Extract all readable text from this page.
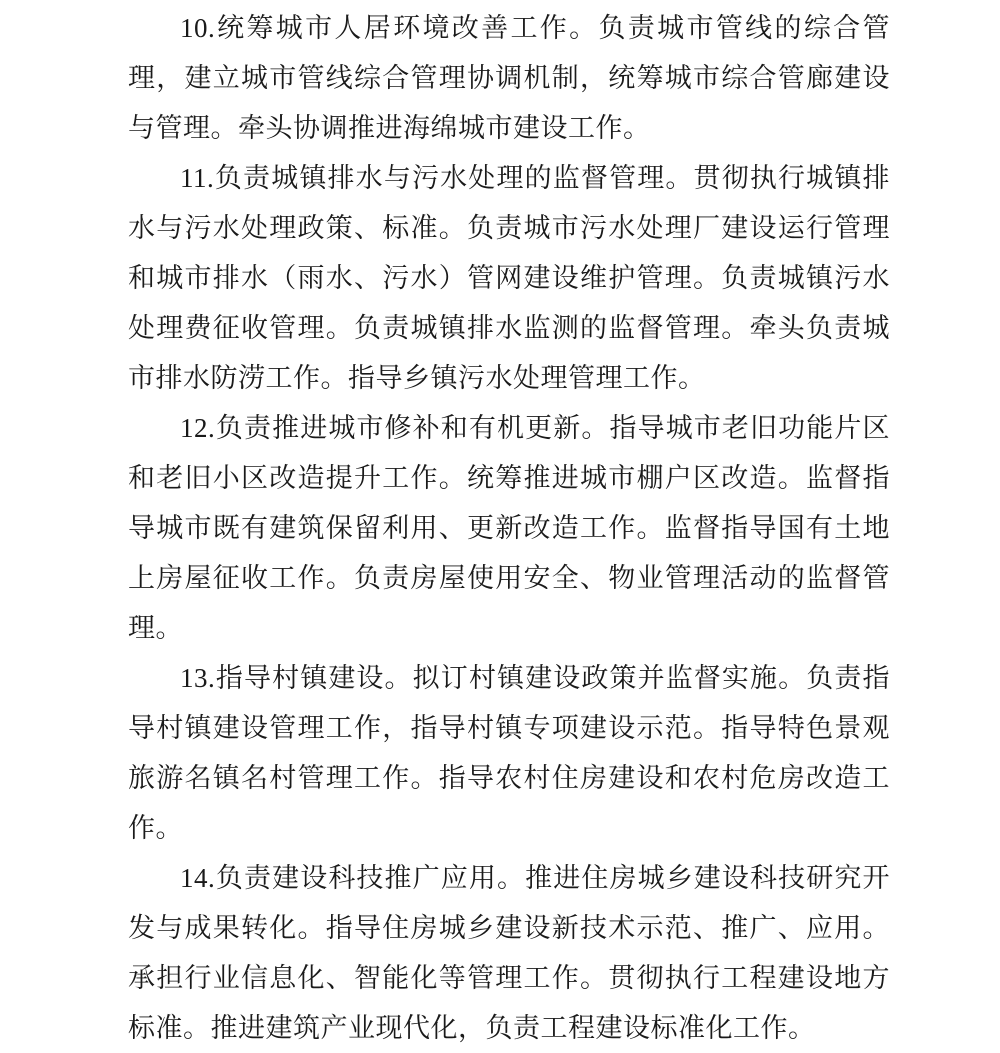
10.统筹城市人居环境改善工作。负责城市管线的综合管理，建立城市管线综合管理协调机制，统筹城市综合管廊建设与管理。牵头协调推进海绵城市建设工作。

11.负责城镇排水与污水处理的监督管理。贯彻执行城镇排水与污水处理政策、标准。负责城市污水处理厂建设运行管理和城市排水（雨水、污水）管网建设维护管理。负责城镇污水处理费征收管理。负责城镇排水监测的监督管理。牵头负责城市排水防涝工作。指导乡镇污水处理管理工作。

12.负责推进城市修补和有机更新。指导城市老旧功能片区和老旧小区改造提升工作。统筹推进城市棚户区改造。监督指导城市既有建筑保留利用、更新改造工作。监督指导国有土地上房屋征收工作。负责房屋使用安全、物业管理活动的监督管理。

13.指导村镇建设。拟订村镇建设政策并监督实施。负责指导村镇建设管理工作，指导村镇专项建设示范。指导特色景观旅游名镇名村管理工作。指导农村住房建设和农村危房改造工作。

14.负责建设科技推广应用。推进住房城乡建设科技研究开发与成果转化。指导住房城乡建设新技术示范、推广、应用。承担行业信息化、智能化等管理工作。贯彻执行工程建设地方标准。推进建筑产业现代化，负责工程建设标准化工作。
